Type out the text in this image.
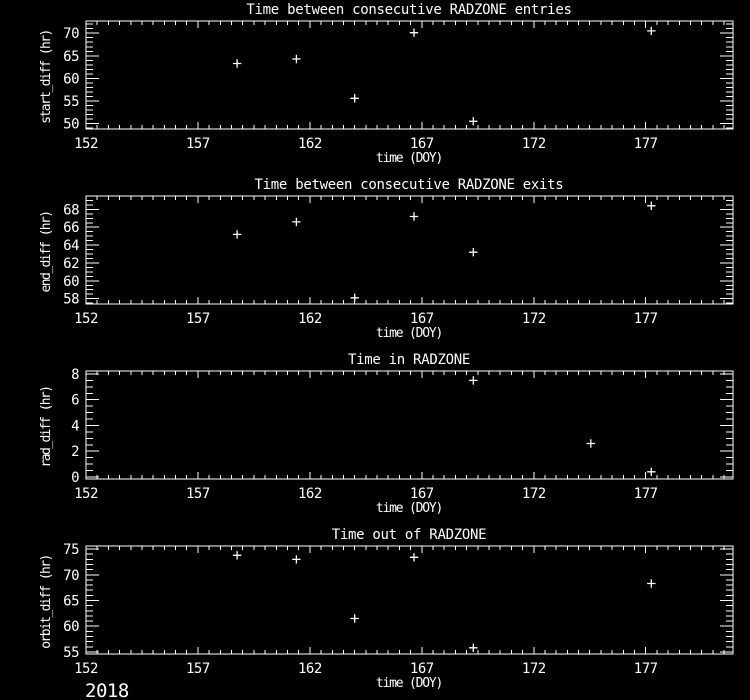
Time between consecutive RADZONE entries
start_diff (hr)
time (DOY)
152	157	162	167	172	177
50
55
60
65
70
Time between consecutive RADZONE exits
end_diff (hr)
time (DOY)
152	157	162	167	172	177
58
60
62
64
66
68
Time in RADZONE
rad_diff (hr)
time (DOY)
152	157	162	167	172	177
0
2
4
6
8
Time out of RADZONE
orbit_diff (hr)
time (DOY)
2018
152	157	162	167	172	177
55
60
65
70
75
